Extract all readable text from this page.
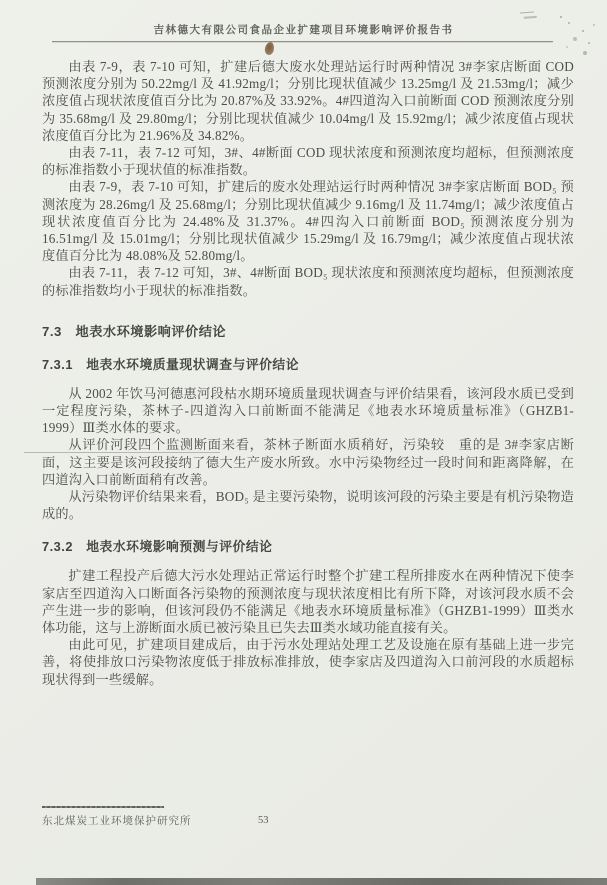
吉林德大有限公司食品企业扩建项目环境影响评价报告书

由表 7-9，表 7-10 可知，扩建后德大废水处理站运行时两种情况 3#李家店断面 COD 预测浓度分别为 50.22mg/l 及 41.92mg/l；分别比现状值减少 13.25mg/l 及 21.53mg/l；减少浓度值占现状浓度值百分比为 20.87%及 33.92%。4#四道沟入口前断面 COD 预测浓度分别为 35.68mg/l 及 29.80mg/l；分别比现状值减少 10.04mg/l 及 15.92mg/l；减少浓度值占现状浓度值百分比为 21.96%及 34.82%。

由表 7-11，表 7-12 可知，3#、4#断面 COD 现状浓度和预测浓度均超标，但预测浓度的标准指数小于现状值的标准指数。

由表 7-9，表 7-10 可知，扩建后的废水处理站运行时两种情况 3#李家店断面 BOD₅ 预测浓度为 28.26mg/l 及 25.68mg/l；分别比现状值减少 9.16mg/l 及 11.74mg/l；减少浓度值占现状浓度值百分比为 24.48%及 31.37%。4#四沟入口前断面 BOD₅ 预测浓度分别为 16.51mg/l 及 15.01mg/l；分别比现状值减少 15.29mg/l 及 16.79mg/l；减少浓度值占现状浓度值百分比为 48.08%及 52.80mg/l。

由表 7-11，表 7-12 可知，3#、4#断面 BOD₅ 现状浓度和预测浓度均超标，但预测浓度的标准指数均小于现状的标准指数。

7.3　地表水环境影响评价结论
7.3.1　地表水环境质量现状调查与评价结论

从 2002 年饮马河德惠河段枯水期环境质量现状调查与评价结果看，该河段水质已受到一定程度污染，茶林子-四道沟入口前断面不能满足《地表水环境质量标准》（GHZB1-1999）Ⅲ类水体的要求。

从评价河段四个监测断面来看，茶林子断面水质稍好，污染较　重的是 3#李家店断面，这主要是该河段接纳了德大生产废水所致。水中污染物经过一段时间和距离降解，在四道沟入口前断面稍有改善。

从污染物评价结果来看，BOD₅ 是主要污染物，说明该河段的污染主要是有机污染物造成的。

7.3.2　地表水环境影响预测与评价结论

扩建工程投产后德大污水处理站正常运行时整个扩建工程所排废水在两种情况下使李家店至四道沟入口断面各污染物的预测浓度与现状浓度相比有所下降，对该河段水质不会产生进一步的影响，但该河段仍不能满足《地表水环境质量标准》（GHZB1-1999）Ⅲ类水体功能，这与上游断面水质已被污染且已失去Ⅲ类水域功能直接有关。

由此可见，扩建项目建成后，由于污水处理站处理工艺及设施在原有基础上进一步完善，将使排放口污染物浓度低于排放标准排放，使李家店及四道沟入口前河段的水质超标现状得到一些缓解。

东北煤炭工业环境保护研究所	53
